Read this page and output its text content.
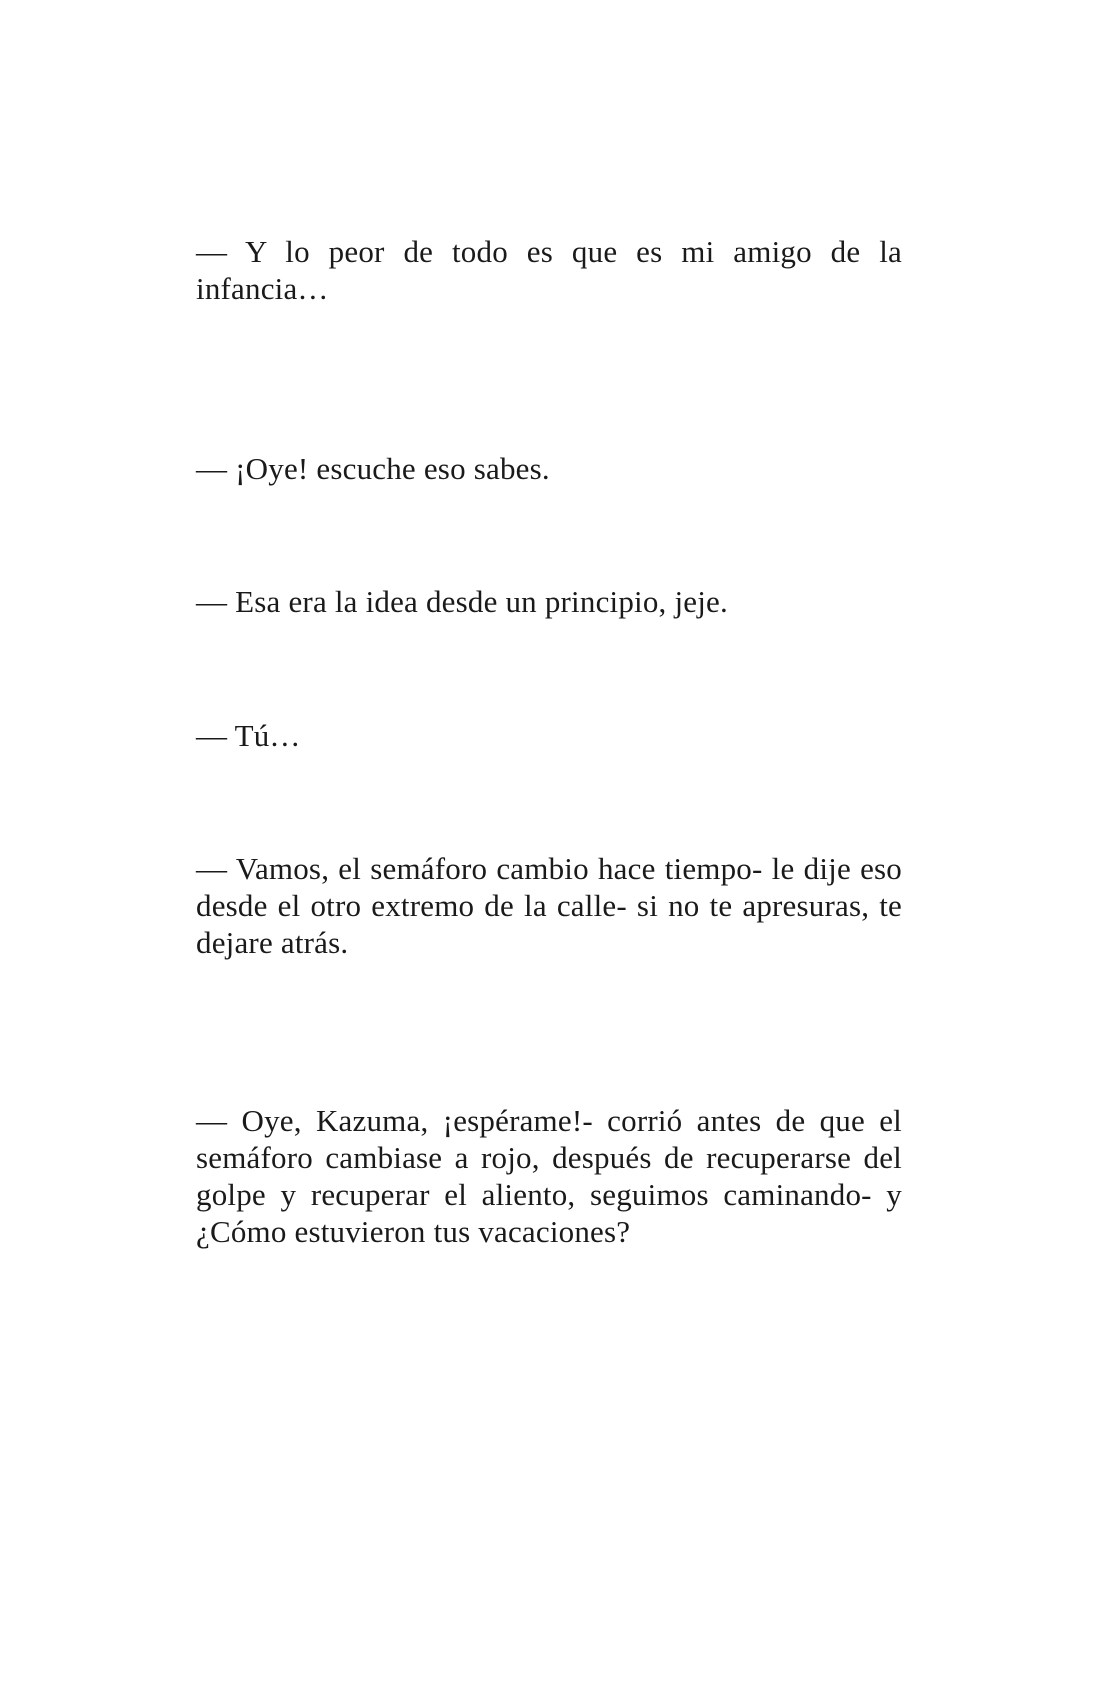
— Y lo peor de todo es que es mi amigo de la infancia…

— ¡Oye! escuche eso sabes.

— Esa era la idea desde un principio, jeje.

— Tú…

— Vamos, el semáforo cambio hace tiempo- le dije eso desde el otro extremo de la calle- si no te apresuras, te dejare atrás.

— Oye, Kazuma, ¡espérame!- corrió antes de que el semáforo cambiase a rojo, después de recuperarse del golpe y recuperar el aliento, seguimos caminando- y ¿Cómo estuvieron tus vacaciones?
